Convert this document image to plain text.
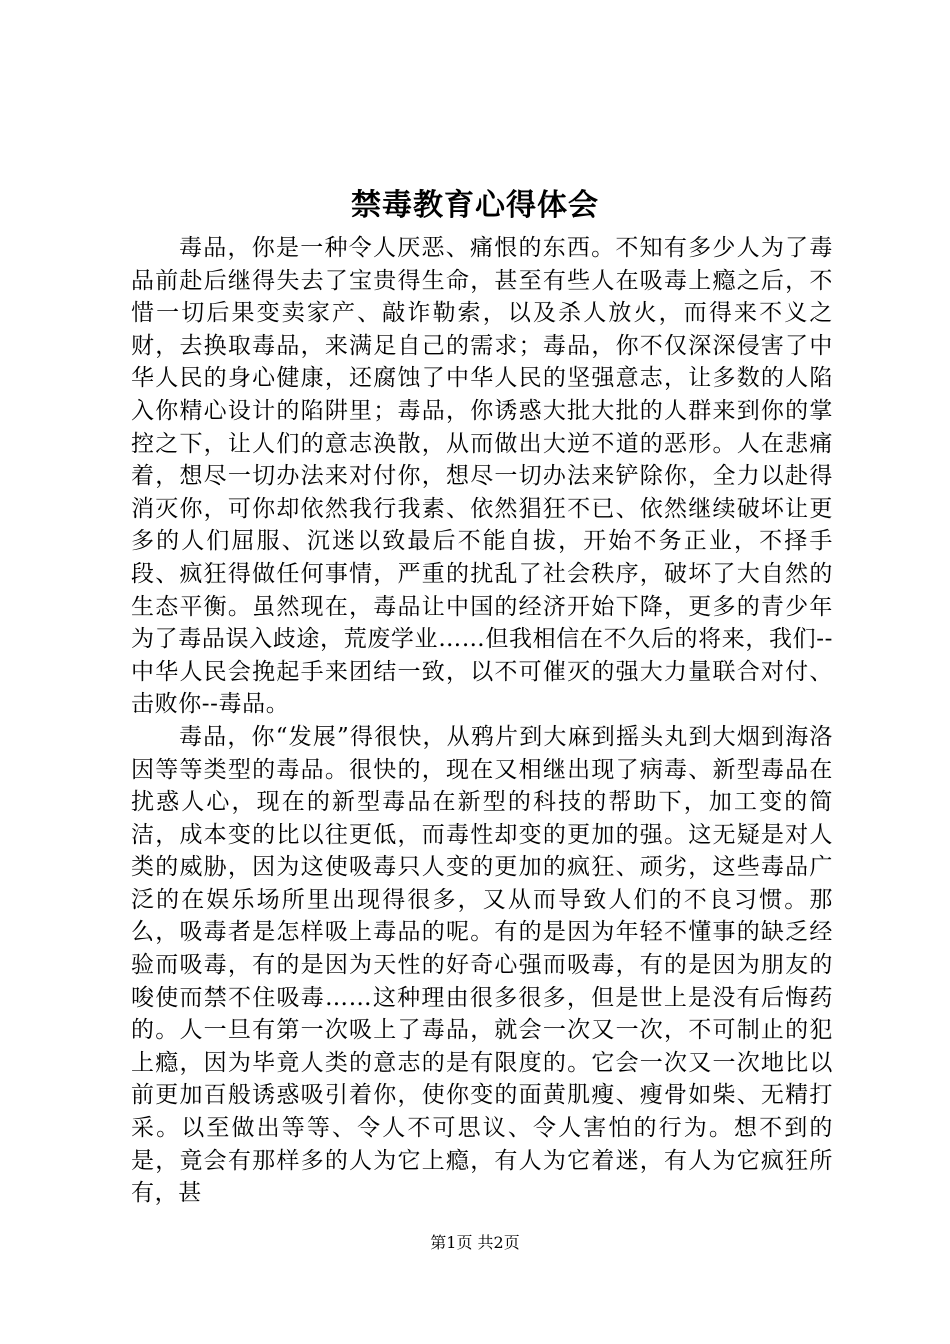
禁毒教育心得体会

毒品，你是一种令人厌恶、痛恨的东西。不知有多少人为了毒品前赴后继得失去了宝贵得生命，甚至有些人在吸毒上瘾之后，不惜一切后果变卖家产、敲诈勒索，以及杀人放火，而得来不义之财，去换取毒品，来满足自己的需求；毒品，你不仅深深侵害了中华人民的身心健康，还腐蚀了中华人民的坚强意志，让多数的人陷入你精心设计的陷阱里；毒品，你诱惑大批大批的人群来到你的掌控之下，让人们的意志涣散，从而做出大逆不道的恶形。人在悲痛着，想尽一切办法来对付你，想尽一切办法来铲除你，全力以赴得消灭你，可你却依然我行我素、依然猖狂不已、依然继续破坏让更多的人们屈服、沉迷以致最后不能自拔，开始不务正业，不择手段、疯狂得做任何事情，严重的扰乱了社会秩序，破坏了大自然的生态平衡。虽然现在，毒品让中国的经济开始下降，更多的青少年为了毒品误入歧途，荒废学业……但我相信在不久后的将来，我们--中华人民会挽起手来团结一致，以不可催灭的强大力量联合对付、击败你--毒品。

毒品，你“发展”得很快，从鸦片到大麻到摇头丸到大烟到海洛因等等类型的毒品。很快的，现在又相继出现了病毒、新型毒品在扰惑人心，现在的新型毒品在新型的科技的帮助下，加工变的简洁，成本变的比以往更低，而毒性却变的更加的强。这无疑是对人类的威胁，因为这使吸毒只人变的更加的疯狂、顽劣，这些毒品广泛的在娱乐场所里出现得很多，又从而导致人们的不良习惯。那么，吸毒者是怎样吸上毒品的呢。有的是因为年轻不懂事的缺乏经验而吸毒，有的是因为天性的好奇心强而吸毒，有的是因为朋友的唆使而禁不住吸毒……这种理由很多很多，但是世上是没有后悔药的。人一旦有第一次吸上了毒品，就会一次又一次，不可制止的犯上瘾，因为毕竟人类的意志的是有限度的。它会一次又一次地比以前更加百般诱惑吸引着你，使你变的面黄肌瘦、瘦骨如柴、无精打采。以至做出等等、令人不可思议、令人害怕的行为。想不到的是，竟会有那样多的人为它上瘾，有人为它着迷，有人为它疯狂所有，甚

第1页 共2页
